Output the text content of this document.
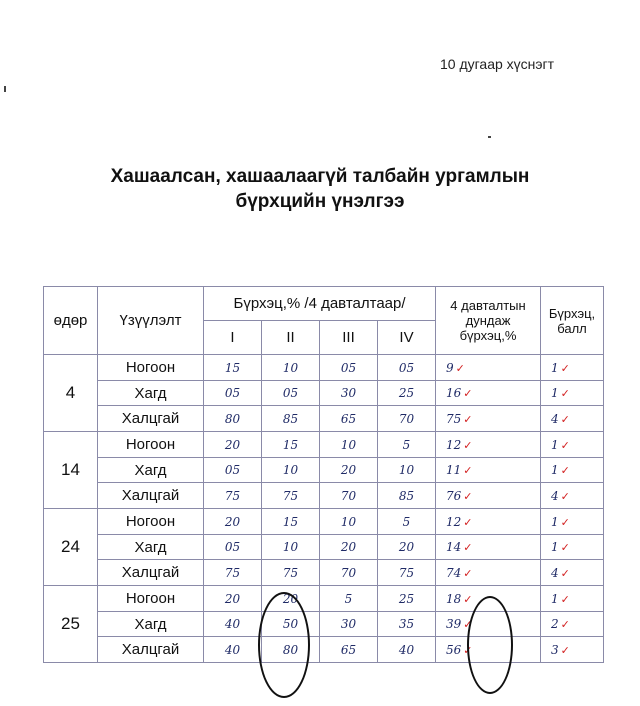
10 дугаар хүснэгт
Хашаалсан, хашаалаагүй талбайн ургамлын
бүрхцийн үнэлгээ
өдөр	Үзүүлэлт	Бүрхэц,% /4 давталтаар/				4 давталтын дундаж бүрхэц,%	Бүрхэц, балл
		I	II	III	IV		
4	Ногоон	15	10	05	05	9 ✓	1 ✓
	Хагд	05	05	30	25	16 ✓	1 ✓
	Халцгай	80	85	65	70	75 ✓	4 ✓
14	Ногоон	20	15	10	5	12 ✓	1 ✓
	Хагд	05	10	20	10	11 ✓	1 ✓
	Халцгай	75	75	70	85	76 ✓	4 ✓
24	Ногоон	20	15	10	5	12 ✓	1 ✓
	Хагд	05	10	20	20	14 ✓	1 ✓
	Халцгай	75	75	70	75	74 ✓	4 ✓
25	Ногоон	20	20	5	25	18 ✓	1 ✓
	Хагд	40	50	30	35	39 ✓	2 ✓
	Халцгай	40	80	65	40	56 ✓	3 ✓
